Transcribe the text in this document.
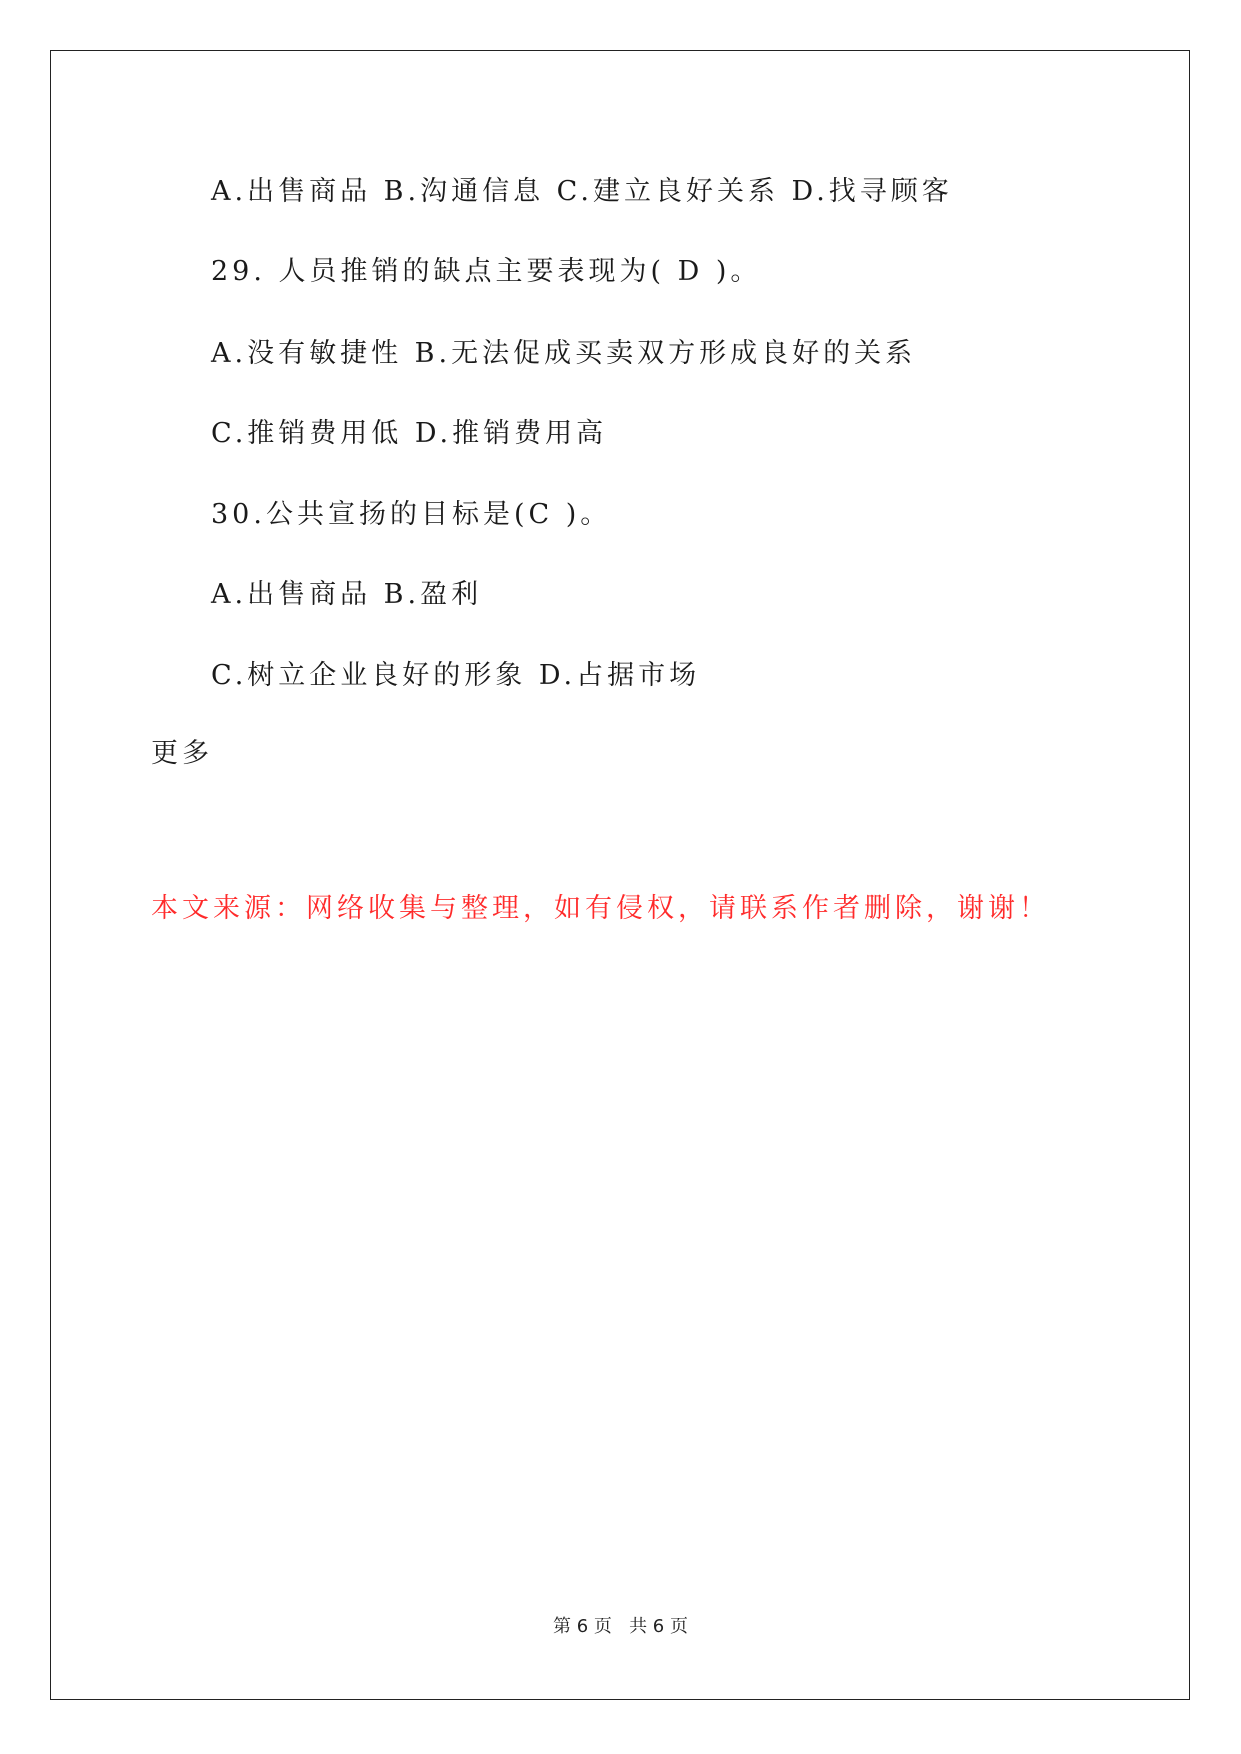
A.出售商品 B.沟通信息 C.建立良好关系 D.找寻顾客
29. 人员推销的缺点主要表现为( D )。
A.没有敏捷性 B.无法促成买卖双方形成良好的关系
C.推销费用低 D.推销费用高
30.公共宣扬的目标是(C )。
A.出售商品 B.盈利
C.树立企业良好的形象 D.占据市场
更多
本文来源：网络收集与整理，如有侵权，请联系作者删除，谢谢！
第 6 页   共 6 页
